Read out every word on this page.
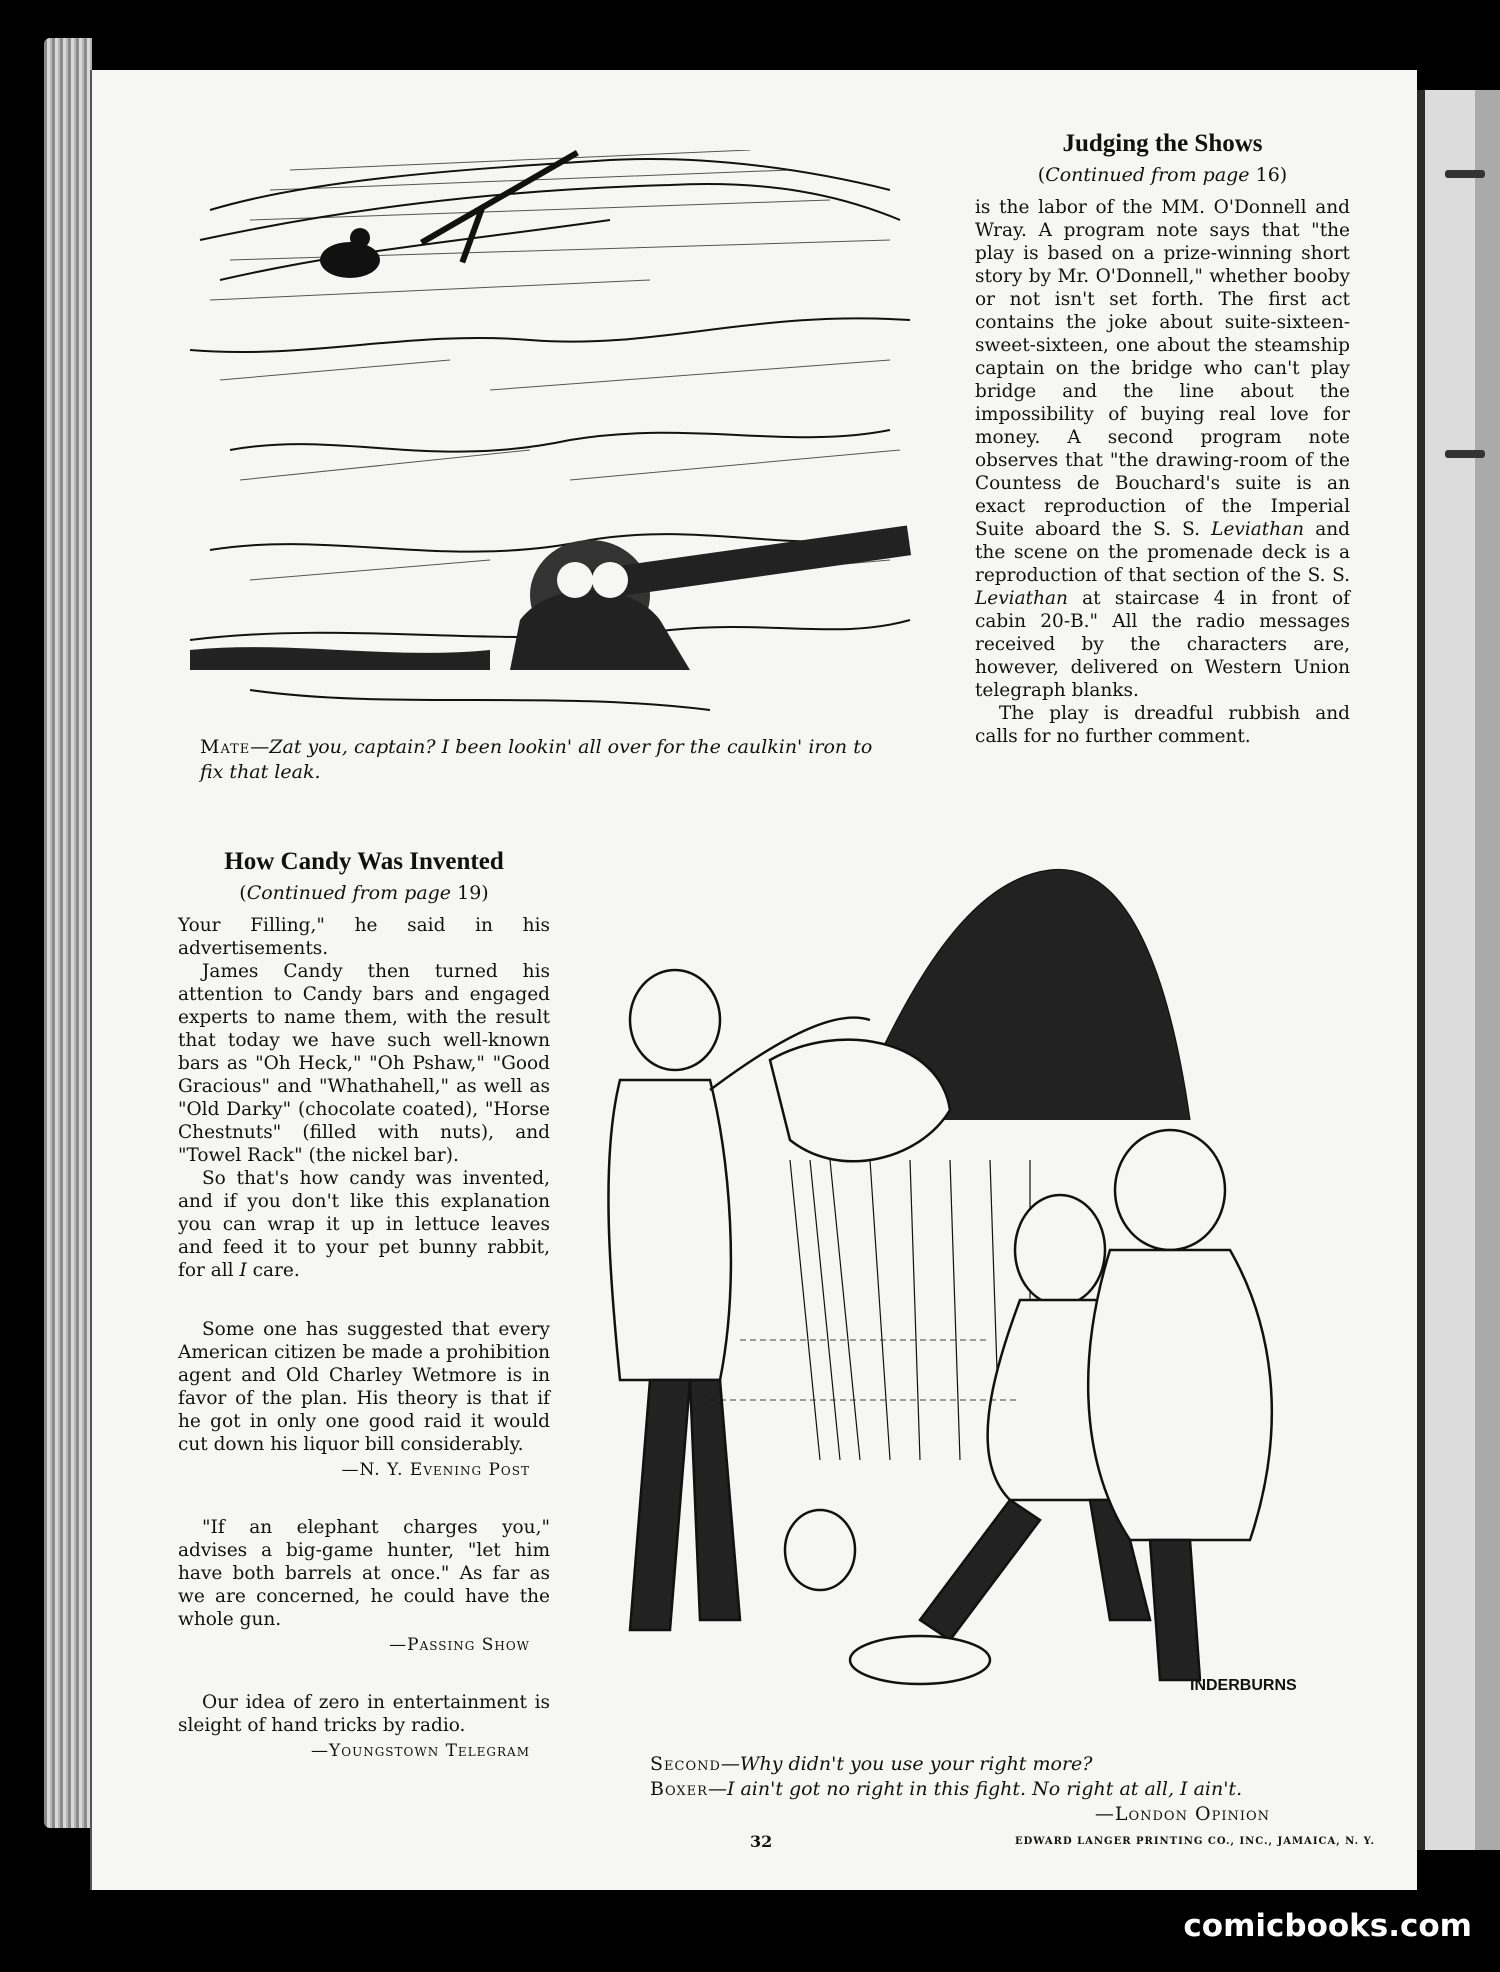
Mate—Zat you, captain? I been lookin' all over for the caulkin' iron to fix that leak.
Judging the Shows
(Continued from page 16)

is the labor of the MM. O'Donnell and Wray. A program note says that "the play is based on a prize-winning short story by Mr. O'Donnell," whether booby or not isn't set forth. The first act contains the joke about suite-sixteen-sweet-sixteen, one about the steamship captain on the bridge who can't play bridge and the line about the impossibility of buying real love for money. A second program note observes that "the drawing-room of the Countess de Bouchard's suite is an exact reproduction of the Imperial Suite aboard the S. S. Leviathan and the scene on the promenade deck is a reproduction of that section of the S. S. Leviathan at staircase 4 in front of cabin 20-B." All the radio messages received by the characters are, however, delivered on Western Union telegraph blanks.

The play is dreadful rubbish and calls for no further comment.

How Candy Was Invented
(Continued from page 19)

Your Filling," he said in his advertisements.

James Candy then turned his attention to Candy bars and engaged experts to name them, with the result that today we have such well-known bars as "Oh Heck," "Oh Pshaw," "Good Gracious" and "Whathahell," as well as "Old Darky" (chocolate coated), "Horse Chestnuts" (filled with nuts), and "Towel Rack" (the nickel bar).

So that's how candy was invented, and if you don't like this explanation you can wrap it up in lettuce leaves and feed it to your pet bunny rabbit, for all I care.

Some one has suggested that every American citizen be made a prohibition agent and Old Charley Wetmore is in favor of the plan. His theory is that if he got in only one good raid it would cut down his liquor bill considerably.

—N. Y. Evening Post

"If an elephant charges you," advises a big-game hunter, "let him have both barrels at once." As far as we are concerned, he could have the whole gun.

—Passing Show

Our idea of zero in entertainment is sleight of hand tricks by radio.

—Youngstown Telegram
INDERBURNS
Second—Why didn't you use your right more?
Boxer—I ain't got no right in this fight. No right at all, I ain't.
—London Opinion
32	EDWARD LANGER PRINTING CO., INC., JAMAICA, N. Y.
comicbooks.com
